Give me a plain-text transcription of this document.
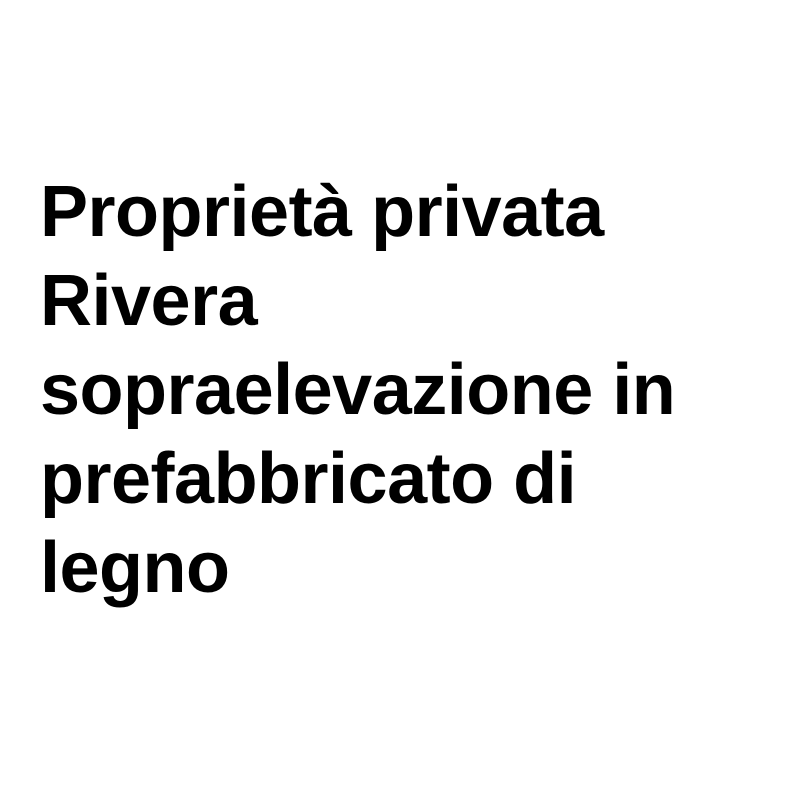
Proprietà privata
Rivera
sopraelevazione in
prefabbricato di
legno
